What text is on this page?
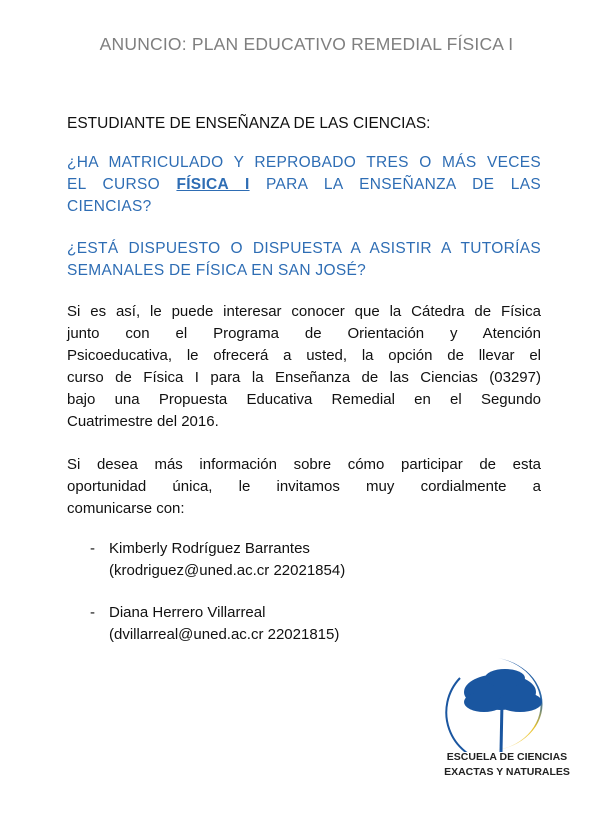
ANUNCIO: PLAN EDUCATIVO REMEDIAL FÍSICA I
ESTUDIANTE DE ENSEÑANZA DE LAS CIENCIAS:
¿HA MATRICULADO Y REPROBADO TRES O MÁS VECES
EL CURSO FÍSICA I PARA LA ENSEÑANZA DE LAS
CIENCIAS?
¿ESTÁ DISPUESTO O DISPUESTA A ASISTIR A TUTORÍAS
SEMANALES DE FÍSICA EN SAN JOSÉ?
Si es así, le puede interesar conocer que la Cátedra de Física
junto con el Programa de Orientación y Atención
Psicoeducativa, le ofrecerá a usted, la opción de llevar el
curso de Física I para la Enseñanza de las Ciencias (03297)
bajo una Propuesta Educativa Remedial en el Segundo
Cuatrimestre del 2016.
Si desea más información sobre cómo participar de esta
oportunidad única, le invitamos muy cordialmente a
comunicarse con:
- Kimberly Rodríguez Barrantes
(krodriguez@uned.ac.cr 22021854)
- Diana Herrero Villarreal
(dvillarreal@uned.ac.cr 22021815)
ESCUELA DE CIENCIAS
EXACTAS Y NATURALES
